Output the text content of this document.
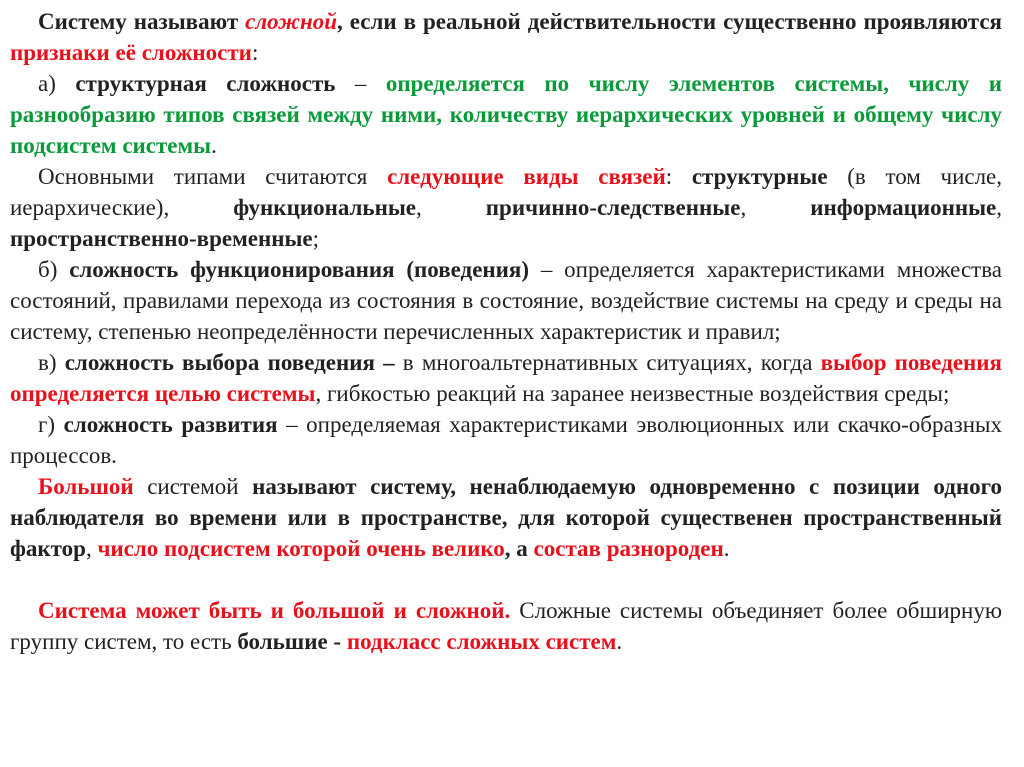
Систему называют сложной, если в реальной действительности существенно проявляются признаки её сложности:

а) структурная сложность – определяется по числу элементов системы, числу и разнообразию типов связей между ними, количеству иерархических уровней и общему числу подсистем системы.

Основными типами считаются следующие виды связей: структурные (в том числе, иерархические), функциональные, причинно-следственные, информационные, пространственно-временные;

б) сложность функционирования (поведения) – определяется характеристиками множества состояний, правилами перехода из состояния в состояние, воздействие системы на среду и среды на систему, степенью неопределённости перечисленных характеристик и правил;

в) сложность выбора поведения – в многоальтернативных ситуациях, когда выбор поведения определяется целью системы, гибкостью реакций на заранее неизвестные воздействия среды;

г) сложность развития – определяемая характеристиками эволюционных или скачко-образных процессов.

Большой системой называют систему, ненаблюдаемую одновременно с позиции одного наблюдателя во времени или в пространстве, для которой существенен пространственный фактор, число подсистем которой очень велико, а состав разнороден.

Система может быть и большой и сложной. Сложные системы объединяет более обширную группу систем, то есть большие - подкласс сложных систем.
